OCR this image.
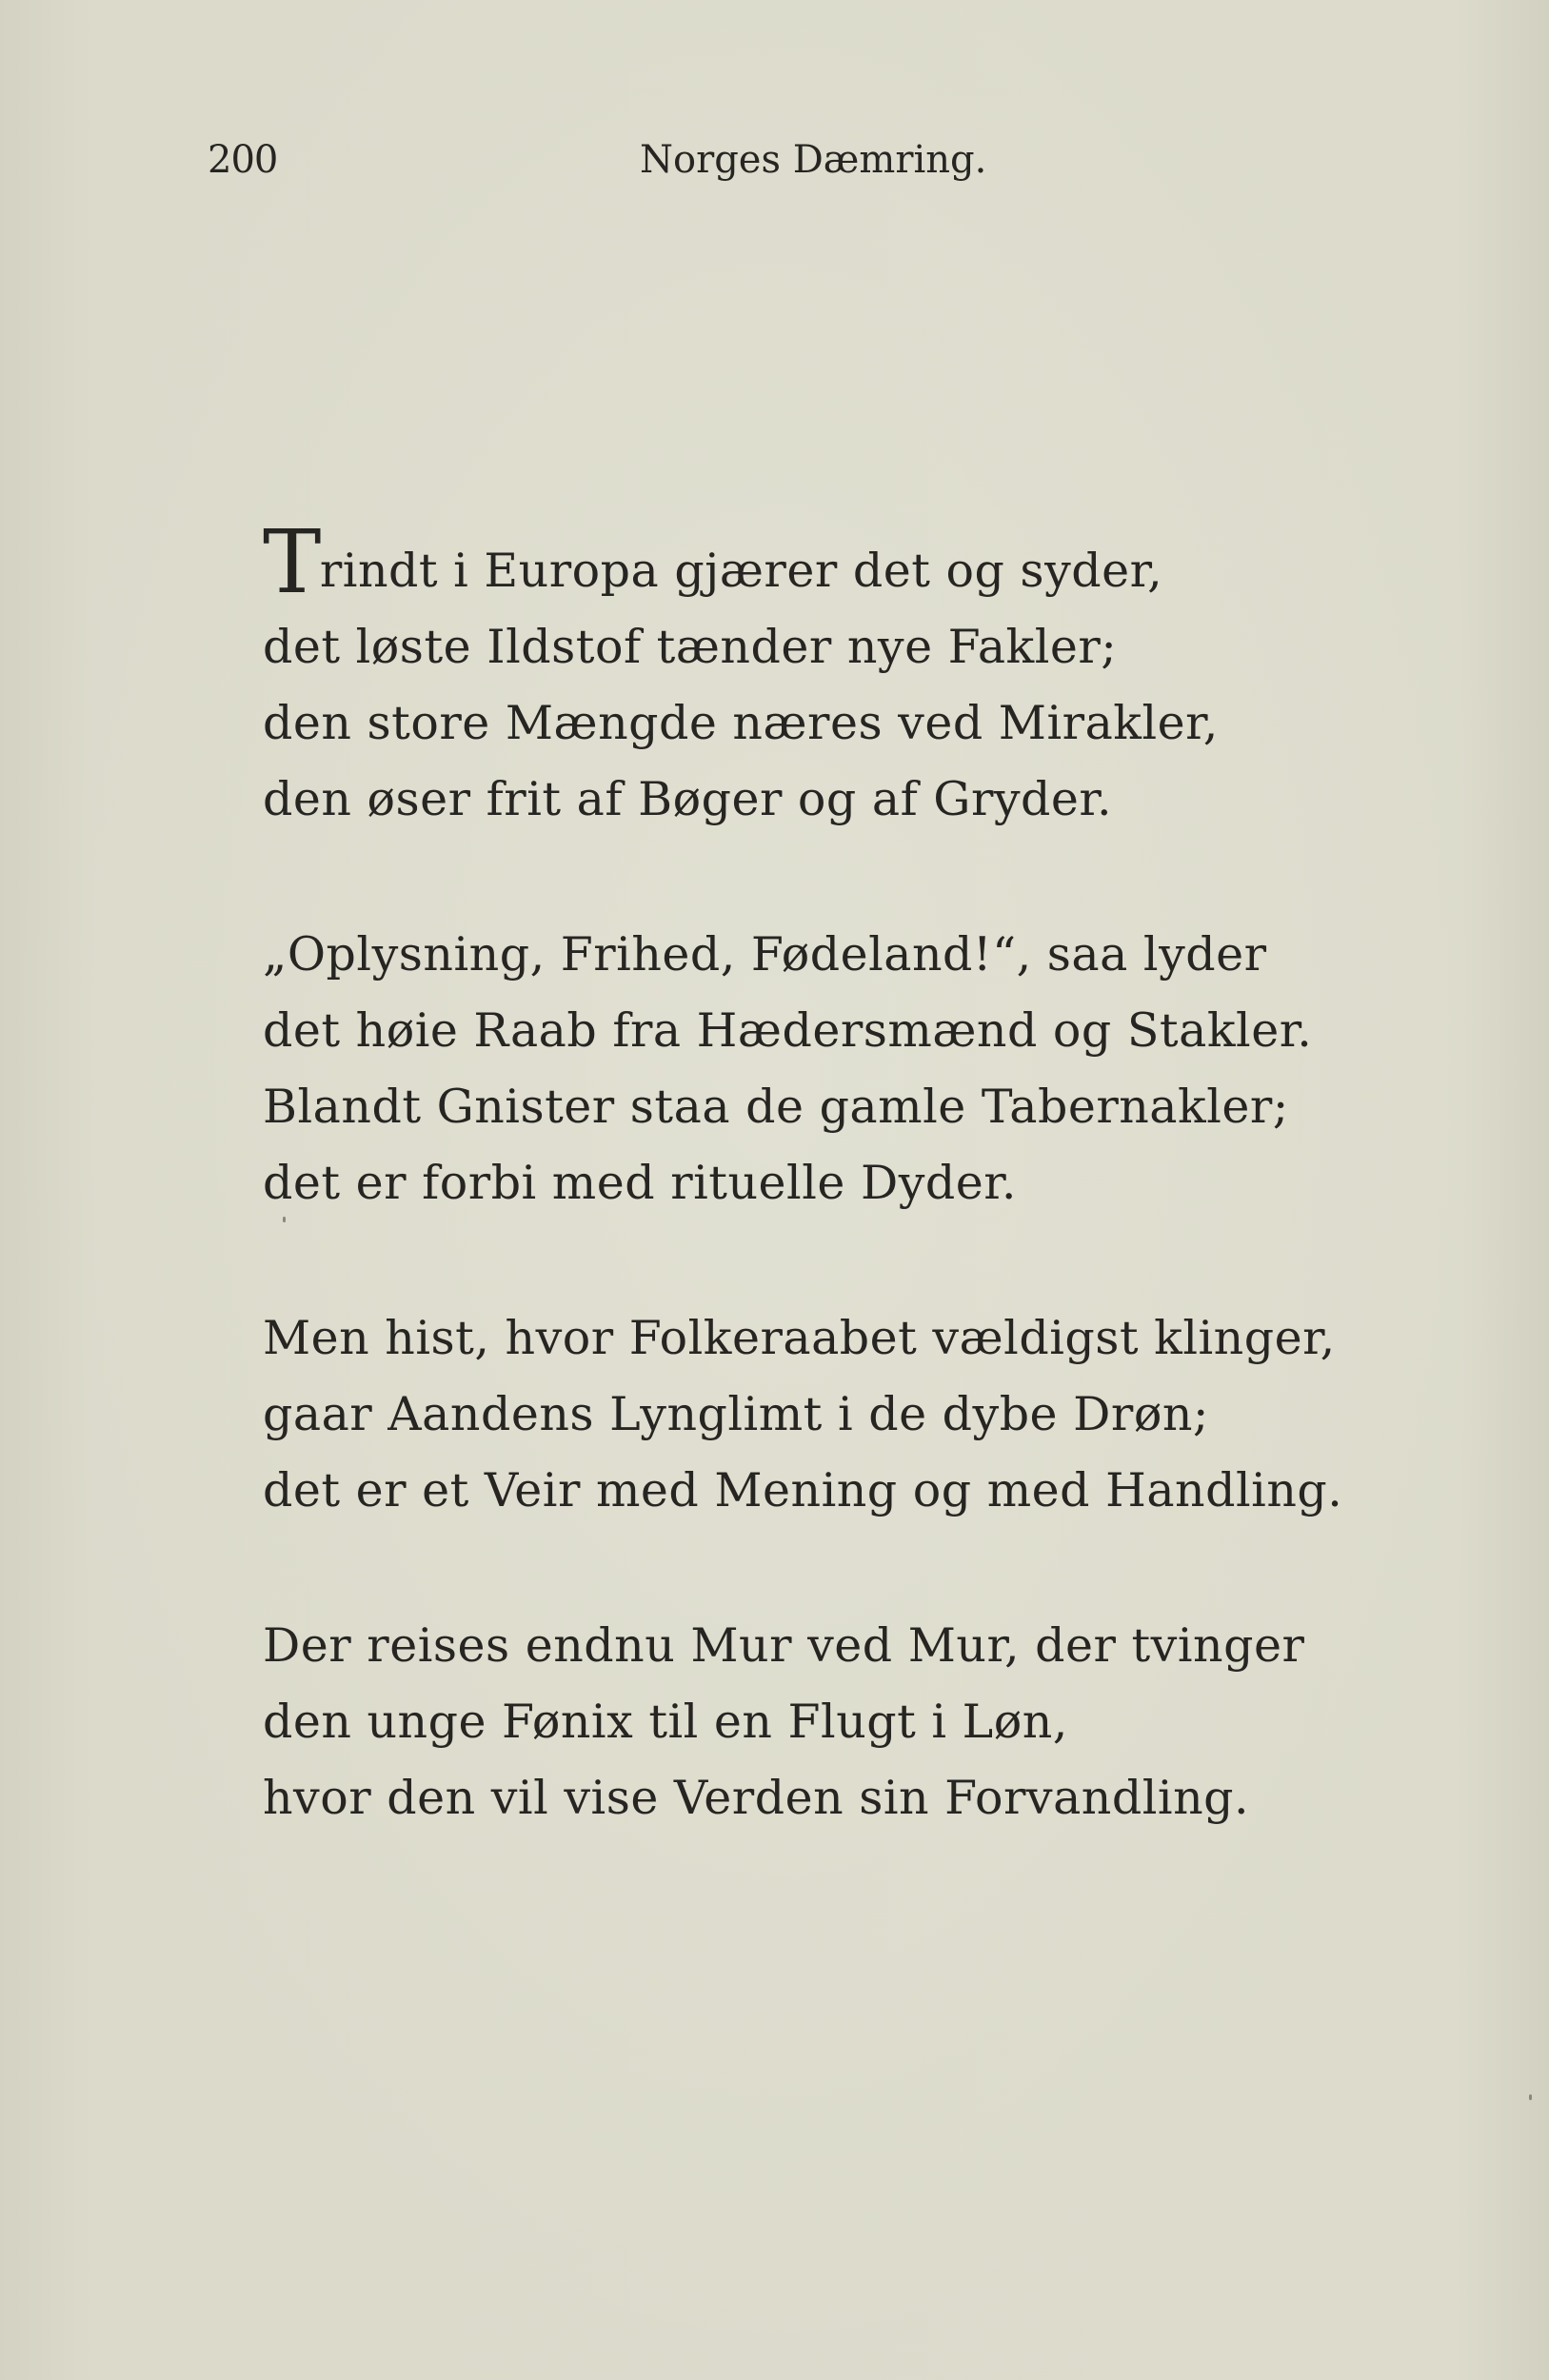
200	Norges Dæmring.
Trindt i Europa gjærer det og syder,
det løste Ildstof tænder nye Fakler;
den store Mængde næres ved Mirakler,
den øser frit af Bøger og af Gryder.
„Oplysning, Frihed, Fødeland!“, saa lyder
det høie Raab fra Hædersmænd og Stakler.
Blandt Gnister staa de gamle Tabernakler;
det er forbi med rituelle Dyder.
Men hist, hvor Folkeraabet vældigst klinger,
gaar Aandens Lynglimt i de dybe Drøn;
det er et Veir med Mening og med Handling.
Der reises endnu Mur ved Mur, der tvinger
den unge Fønix til en Flugt i Løn,
hvor den vil vise Verden sin Forvandling.
